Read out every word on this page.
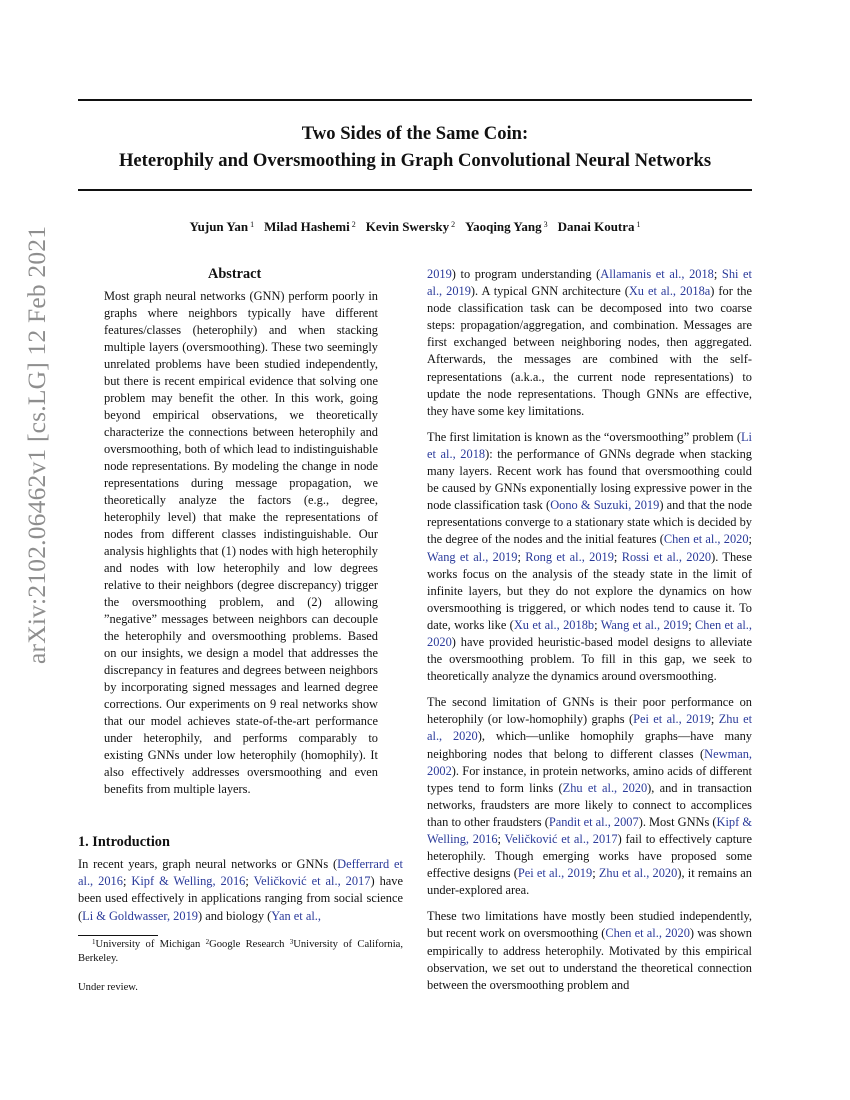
Two Sides of the Same Coin:
Heterophily and Oversmoothing in Graph Convolutional Neural Networks
Yujun Yan $^1$ Milad Hashemi $^2$ Kevin Swersky $^2$ Yaoqing Yang $^3$ Danai Koutra $^1$
arXiv:2102.06462v1 [cs.LG] 12 Feb 2021	Abstract
Most graph neural networks (GNN) perform poorly in graphs where neighbors typically have different features/classes (heterophily) and when stacking multiple layers (oversmoothing). These two seemingly unrelated problems have been studied independently, but there is recent empirical evidence that solving one problem may benefit the other. In this work, going beyond empirical observations, we theoretically characterize the connections between heterophily and oversmoothing, both of which lead to indistinguishable node representations. By modeling the change in node representations during message propagation, we theoretically analyze the factors (e.g., degree, heterophily level) that make the representations of nodes from different classes indistinguishable. Our analysis highlights that (1) nodes with high heterophily and nodes with low heterophily and low degrees relative to their neighbors (degree discrepancy) trigger the oversmoothing problem, and (2) allowing ”negative” messages between neighbors can decouple the heterophily and oversmoothing problems. Based on our insights, we design a model that addresses the discrepancy in features and degrees between neighbors by incorporating signed messages and learned degree corrections. Our experiments on 9 real networks show that our model achieves state-of-the-art performance under heterophily, and performs comparably to existing GNNs under low heterophily (homophily). It also effectively addresses oversmoothing and even benefits from multiple layers.
1. Introduction
In recent years, graph neural networks or GNNs (Defferrard et al., 2016; Kipf & Welling, 2016; Veličković et al., 2017) have been used effectively in applications ranging from social science (Li & Goldwasser, 2019) and biology (Yan et al.,
$^1$University of Michigan $^2$Google Research $^3$University of California, Berkeley.
Under review.

2019) to program understanding (Allamanis et al., 2018; Shi et al., 2019). A typical GNN architecture (Xu et al., 2018a) for the node classification task can be decomposed into two coarse steps: propagation/aggregation, and combination. Messages are first exchanged between neighboring nodes, then aggregated. Afterwards, the messages are combined with the self-representations (a.k.a., the current node representations) to update the node representations. Though GNNs are effective, they have some key limitations.

The first limitation is known as the “oversmoothing” problem (Li et al., 2018): the performance of GNNs degrade when stacking many layers. Recent work has found that oversmoothing could be caused by GNNs exponentially losing expressive power in the node classification task (Oono & Suzuki, 2019) and that the node representations converge to a stationary state which is decided by the degree of the nodes and the initial features (Chen et al., 2020; Wang et al., 2019; Rong et al., 2019; Rossi et al., 2020). These works focus on the analysis of the steady state in the limit of infinite layers, but they do not explore the dynamics on how oversmoothing is triggered, or which nodes tend to cause it. To date, works like (Xu et al., 2018b; Wang et al., 2019; Chen et al., 2020) have provided heuristic-based model designs to alleviate the oversmoothing problem. To fill in this gap, we seek to theoretically analyze the dynamics around oversmoothing.

The second limitation of GNNs is their poor performance on heterophily (or low-homophily) graphs (Pei et al., 2019; Zhu et al., 2020), which—unlike homophily graphs—have many neighboring nodes that belong to different classes (Newman, 2002). For instance, in protein networks, amino acids of different types tend to form links (Zhu et al., 2020), and in transaction networks, fraudsters are more likely to connect to accomplices than to other fraudsters (Pandit et al., 2007). Most GNNs (Kipf & Welling, 2016; Veličković et al., 2017) fail to effectively capture heterophily. Though emerging works have proposed some effective designs (Pei et al., 2019; Zhu et al., 2020), it remains an under-explored area.

These two limitations have mostly been studied independently, but recent work on oversmoothing (Chen et al., 2020) was shown empirically to address heterophily. Motivated by this empirical observation, we set out to understand the theoretical connection between the oversmoothing problem and
